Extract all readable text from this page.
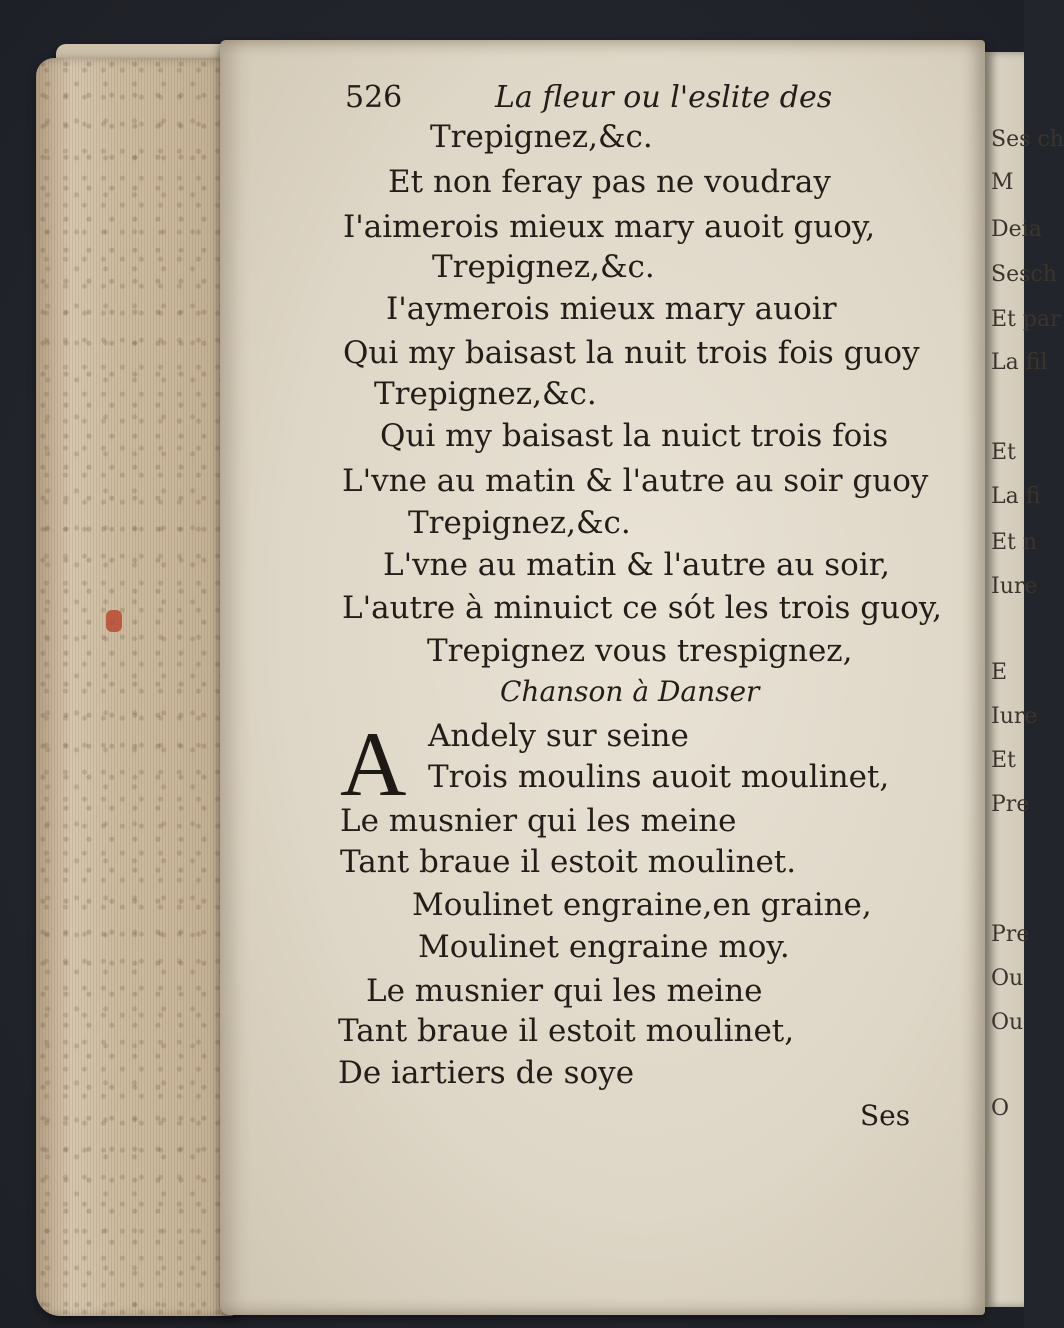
Ses ch
M
Deia
Sesch
Et par
La fil
Et
La fi
Et n
Iure
E
Iure
Et
Pre
Pre
Ou
Ou
O
526	La fleur ou l'eslite des
Trepignez,&c.
Et non feray pas ne voudray
I'aimerois mieux mary auoit guoy,
Trepignez,&c.
I'aymerois mieux mary auoir
Qui my baisast la nuit trois fois guoy
Trepignez,&c.
Qui my baisast la nuict trois fois
L'vne au matin & l'autre au soir guoy
Trepignez,&c.
L'vne au matin & l'autre au soir,
L'autre à minuict ce sót les trois guoy,
Trepignez vous trespignez,
Chanson à Danser
A Andely sur seine
Trois moulins auoit moulinet,
Le musnier qui les meine
Tant braue il estoit moulinet.
Moulinet engraine,en graine,
Moulinet engraine moy.
Le musnier qui les meine
Tant braue il estoit moulinet,
De iartiers de soye
Ses
